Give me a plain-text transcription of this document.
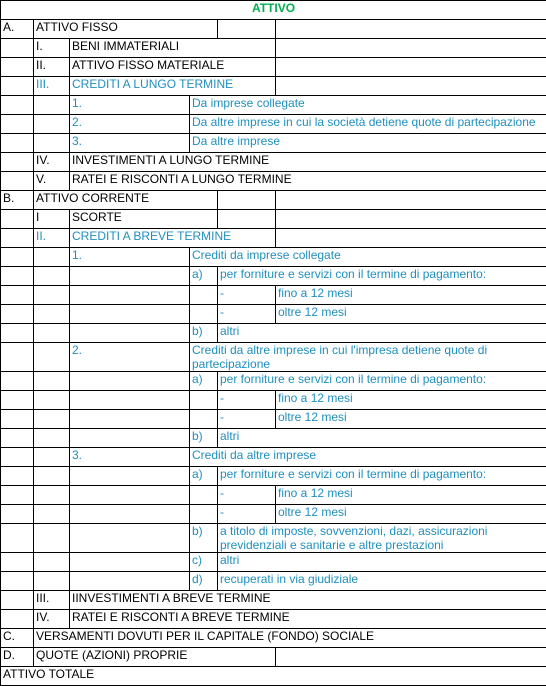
ATTIVO					
A.	ATTIVO FISSO				
	I.	BENI IMMATERIALI			
	II.	ATTIVO FISSO MATERIALE			
	III.	CREDITI A LUNGO TERMINE			
		1.	Da imprese collegate		
		2.	Da altre imprese in cui la società detiene quote di partecipazione		
		3.	Da altre imprese		
	IV.	INVESTIMENTI A LUNGO TERMINE			
	V.	RATEI E RISCONTI A LUNGO TERMINE			
B.	ATTIVO CORRENTE				
	I	SCORTE			
	II.	CREDITI A BREVE TERMINE			
		1.	Crediti da imprese collegate		
			a)	per forniture e servizi con il termine di pagamento:	
				-	fino a 12 mesi
				-	oltre 12 mesi
			b)	altri	
		2.	Crediti da altre imprese in cui l'impresa detiene quote di partecipazione		
			a)	per forniture e servizi con il termine di pagamento:	
				-	fino a 12 mesi
				-	oltre 12 mesi
			b)	altri	
		3.	Crediti da altre imprese		
			a)	per forniture e servizi con il termine di pagamento:	
				-	fino a 12 mesi
				-	oltre 12 mesi
			b)	a titolo di imposte, sovvenzioni, dazi, assicurazioni previdenziali e sanitarie e altre prestazioni	
			c)	altri	
			d)	recuperati in via giudiziale	
	III.	IINVESTIMENTI A BREVE TERMINE			
	IV.	RATEI E RISCONTI A BREVE TERMINE			
C.	VERSAMENTI DOVUTI PER IL CAPITALE (FONDO) SOCIALE				
D.	QUOTE (AZIONI) PROPRIE				
ATTIVO TOTALE					
